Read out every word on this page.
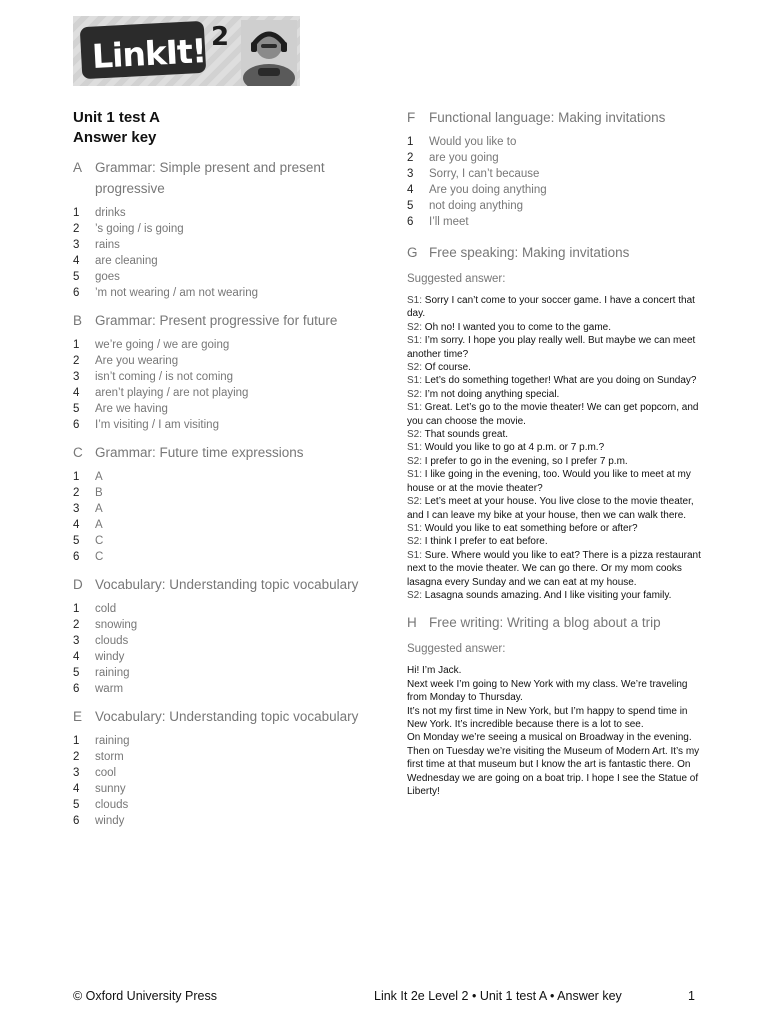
LinkIt! 2

Unit 1 test A

Answer key

A Grammar: Simple present and present progressive
1	drinks
2	’s going / is going
3	rains
4	are cleaning
5	goes
6	’m not wearing / am not wearing
B Grammar: Present progressive for future
1	we’re going / we are going
2	Are you wearing
3	isn’t coming / is not coming
4	aren’t playing / are not playing
5	Are we having
6	I’m visiting / I am visiting
C Grammar: Future time expressions
1	A
2	B
3	A
4	A
5	C
6	C
D Vocabulary: Understanding topic vocabulary
1	cold
2	snowing
3	clouds
4	windy
5	raining
6	warm
E Vocabulary: Understanding topic vocabulary
1	raining
2	storm
3	cool
4	sunny
5	clouds
6	windy
F	Functional language: Making invitations
1	Would you like to
2	are you going
3	Sorry, I can’t because
4	Are you doing anything
5	not doing anything
6	I’ll meet
G Free speaking: Making invitations
Suggested answer:

S1: Sorry I can’t come to your soccer game. I have a concert that day.

S2: Oh no! I wanted you to come to the game.

S1: I’m sorry. I hope you play really well. But maybe we can meet another time?

S2: Of course.

S1: Let’s do something together! What are you doing on Sunday?

S2: I’m not doing anything special.

S1: Great. Let’s go to the movie theater! We can get popcorn, and you can choose the movie.

S2: That sounds great.

S1: Would you like to go at 4 p.m. or 7 p.m.?

S2: I prefer to go in the evening, so I prefer 7 p.m.

S1: I like going in the evening, too. Would you like to meet at my house or at the movie theater?

S2: Let’s meet at your house. You live close to the movie theater, and I can leave my bike at your house, then we can walk there.

S1: Would you like to eat something before or after?

S2: I think I prefer to eat before.

S1: Sure. Where would you like to eat? There is a pizza restaurant next to the movie theater. We can go there. Or my mom cooks lasagna every Sunday and we can eat at my house.

S2: Lasagna sounds amazing. And I like visiting your family.

H Free writing: Writing a blog about a trip
Suggested answer:

Hi! I’m Jack.

Next week I’m going to New York with my class. We’re traveling from Monday to Thursday.

It’s not my first time in New York, but I’m happy to spend time in New York. It’s incredible because there is a lot to see.

On Monday we’re seeing a musical on Broadway in the evening. Then on Tuesday we’re visiting the Museum of Modern Art. It’s my first time at that museum but I know the art is fantastic there. On Wednesday we are going on a boat trip. I hope I see the Statue of Liberty!

© Oxford University Press	Link It 2e Level 2 • Unit 1 test A • Answer key	1
